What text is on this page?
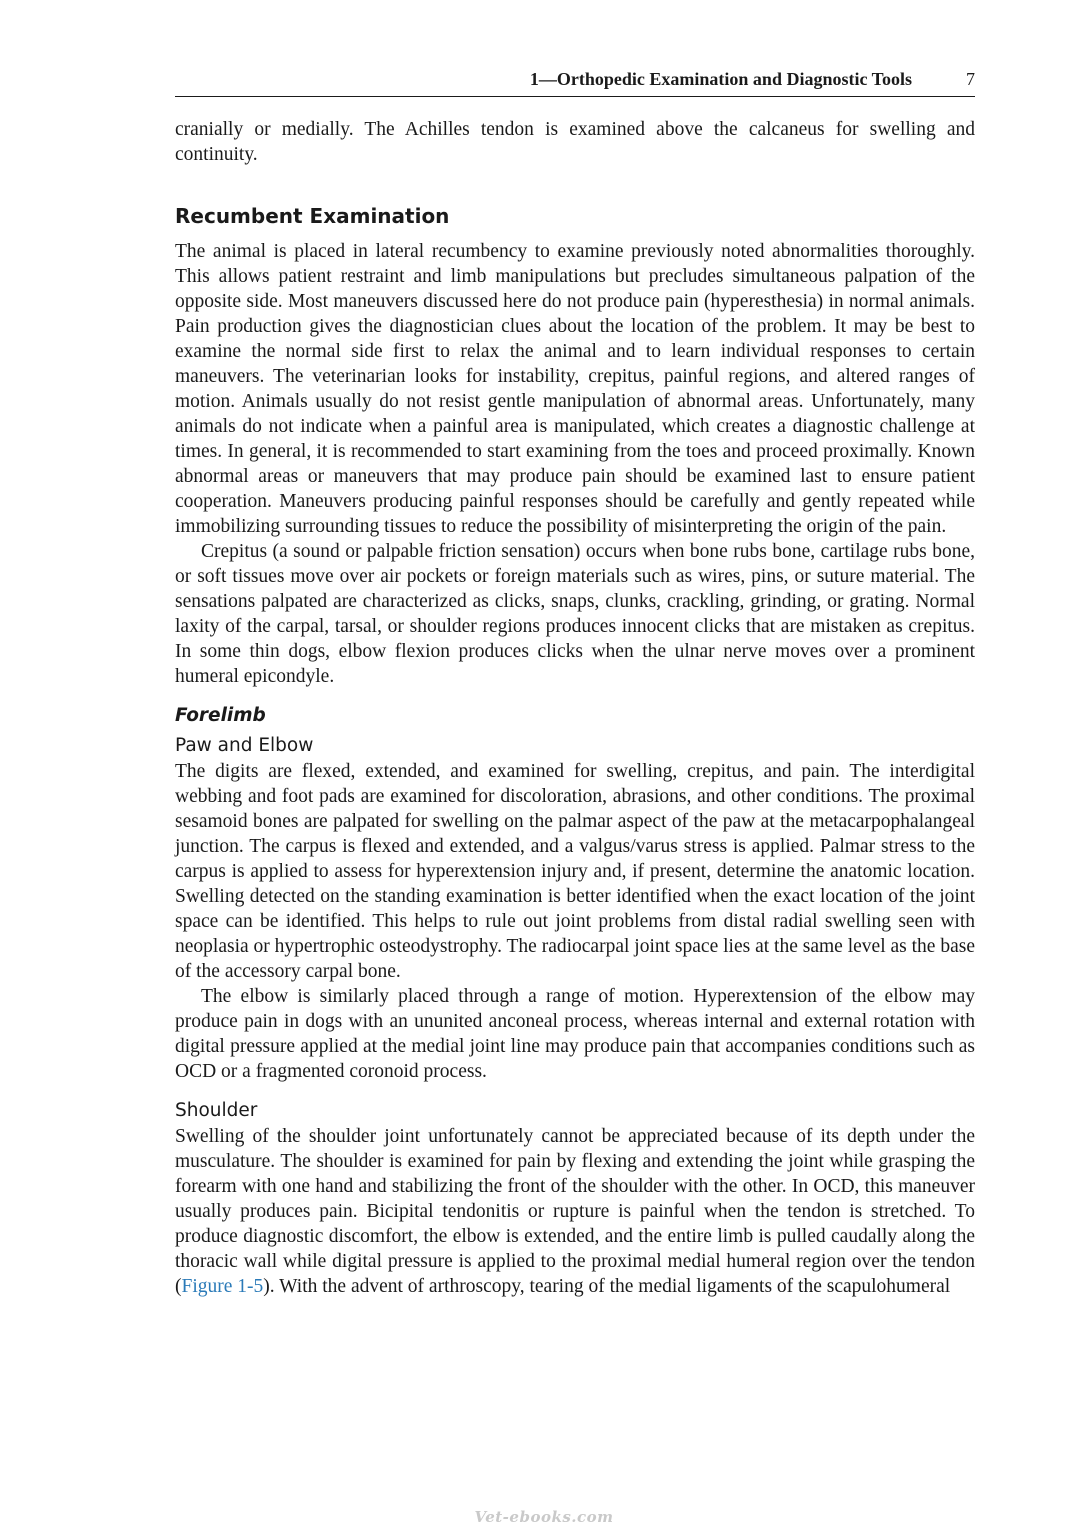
1—Orthopedic Examination and Diagnostic Tools	7

cranially or medially. The Achilles tendon is examined above the calcaneus for swelling and continuity.

Recumbent Examination

The animal is placed in lateral recumbency to examine previously noted abnormalities thoroughly. This allows patient restraint and limb manipulations but precludes simultaneous palpation of the opposite side. Most maneuvers discussed here do not produce pain (hyperesthesia) in normal animals. Pain production gives the diagnostician clues about the location of the problem. It may be best to examine the normal side first to relax the animal and to learn individual responses to certain maneuvers. The veterinarian looks for instability, crepitus, painful regions, and altered ranges of motion. Animals usually do not resist gentle manipulation of abnormal areas. Unfortunately, many animals do not indicate when a painful area is manipulated, which creates a diagnostic challenge at times. In general, it is recommended to start examining from the toes and proceed proximally. Known abnormal areas or maneuvers that may produce pain should be examined last to ensure patient cooperation. Maneuvers producing painful responses should be carefully and gently repeated while immobilizing surrounding tissues to reduce the possibility of misinterpreting the origin of the pain.

Crepitus (a sound or palpable friction sensation) occurs when bone rubs bone, cartilage rubs bone, or soft tissues move over air pockets or foreign materials such as wires, pins, or suture material. The sensations palpated are characterized as clicks, snaps, clunks, crackling, grinding, or grating. Normal laxity of the carpal, tarsal, or shoulder regions produces innocent clicks that are mistaken as crepitus. In some thin dogs, elbow flexion produces clicks when the ulnar nerve moves over a prominent humeral epicondyle.

Forelimb
Paw and Elbow

The digits are flexed, extended, and examined for swelling, crepitus, and pain. The interdigital webbing and foot pads are examined for discoloration, abrasions, and other conditions. The proximal sesamoid bones are palpated for swelling on the palmar aspect of the paw at the metacarpophalangeal junction. The carpus is flexed and extended, and a valgus/varus stress is applied. Palmar stress to the carpus is applied to assess for hyperextension injury and, if present, determine the anatomic location. Swelling detected on the standing examination is better identified when the exact location of the joint space can be identified. This helps to rule out joint problems from distal radial swelling seen with neoplasia or hypertrophic osteodystrophy. The radiocarpal joint space lies at the same level as the base of the accessory carpal bone.

The elbow is similarly placed through a range of motion. Hyperextension of the elbow may produce pain in dogs with an ununited anconeal process, whereas internal and external rotation with digital pressure applied at the medial joint line may produce pain that accompanies conditions such as OCD or a fragmented coronoid process.

Shoulder

Swelling of the shoulder joint unfortunately cannot be appreciated because of its depth under the musculature. The shoulder is examined for pain by flexing and extending the joint while grasping the forearm with one hand and stabilizing the front of the shoulder with the other. In OCD, this maneuver usually produces pain. Bicipital tendonitis or rupture is painful when the tendon is stretched. To produce diagnostic discomfort, the elbow is extended, and the entire limb is pulled caudally along the thoracic wall while digital pressure is applied to the proximal medial humeral region over the tendon (Figure 1-5). With the advent of arthroscopy, tearing of the medial ligaments of the scapulohumeral

Vet-ebooks.com
